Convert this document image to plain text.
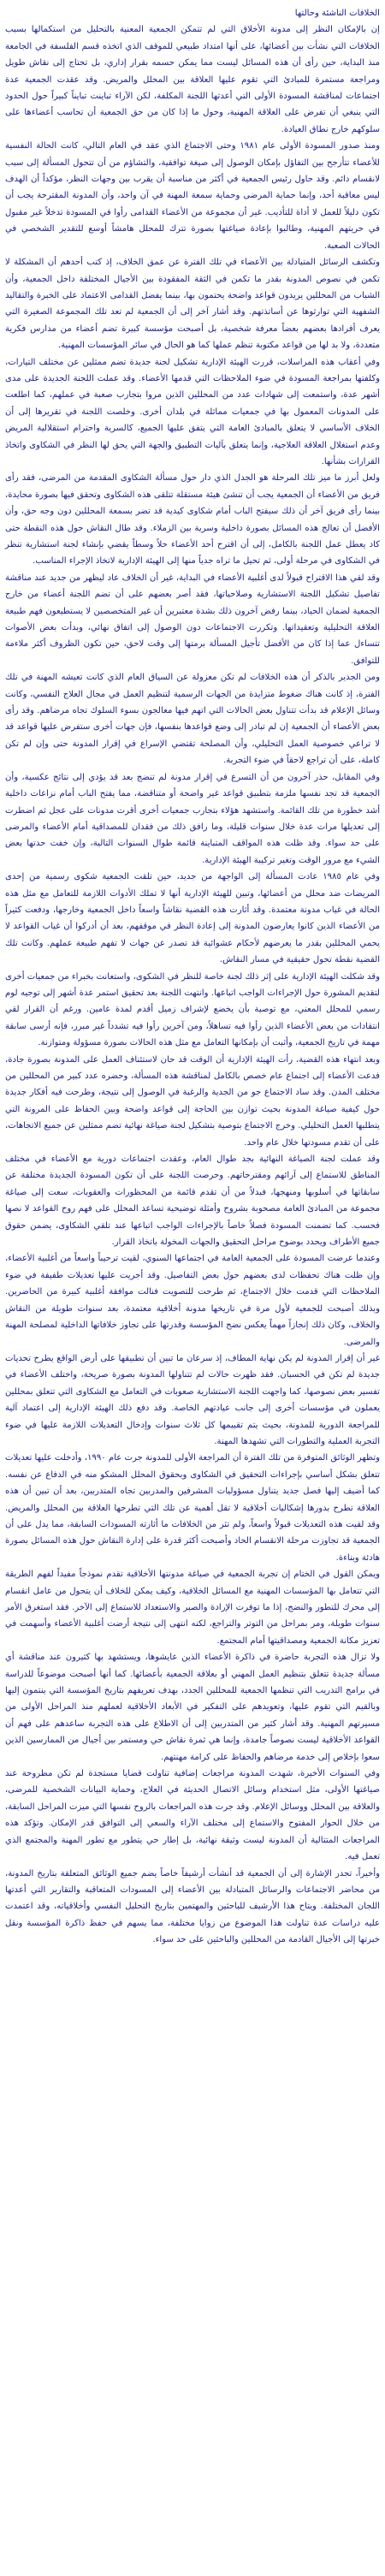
الخلافات الناشئة وحالتها

إن بالإمكان النظر إلى مدونة الأخلاق التي لم تتمكن الجمعية المعنية بالتحليل من استكمالها بسبب الخلافات التي نشأت بين أعضائها، على أنها امتداد طبيعي للموقف الذي اتخذه قسم الفلسفة في الجامعة منذ البداية، حين رأى أن هذه المسائل ليست مما يمكن حسمه بقرار إداري، بل تحتاج إلى نقاش طويل ومراجعة مستمرة للمبادئ التي تقوم عليها العلاقة بين المحلل والمريض. وقد عقدت الجمعية عدة اجتماعات لمناقشة المسودة الأولى التي أعدتها اللجنة المكلفة، لكن الآراء تباينت تبايناً كبيراً حول الحدود التي ينبغي أن تفرض على العلاقة المهنية، وحول ما إذا كان من حق الجمعية أن تحاسب أعضاءها على سلوكهم خارج نطاق العيادة.

ومنذ صدور المسودة الأولى عام ١٩٨١ وحتى الاجتماع الذي عقد في العام التالي، كانت الحالة النفسية للأعضاء تتأرجح بين التفاؤل بإمكان الوصول إلى صيغة توافقية، والتشاؤم من أن تتحول المسألة إلى سبب لانقسام دائم. وقد حاول رئيس الجمعية في أكثر من مناسبة أن يقرب بين وجهات النظر، مؤكداً أن الهدف ليس معاقبة أحد، وإنما حماية المرضى وحماية سمعة المهنة في آن واحد، وأن المدونة المقترحة يجب أن تكون دليلاً للعمل لا أداة للتأديب. غير أن مجموعة من الأعضاء القدامى رأوا في المسودة تدخلاً غير مقبول في حريتهم المهنية، وطالبوا بإعادة صياغتها بصورة تترك للمحلل هامشاً أوسع للتقدير الشخصي في الحالات الصعبة.

وتكشف الرسائل المتبادلة بين الأعضاء في تلك الفترة عن عمق الخلاف، إذ كتب أحدهم أن المشكلة لا تكمن في نصوص المدونة بقدر ما تكمن في الثقة المفقودة بين الأجيال المختلفة داخل الجمعية، وأن الشباب من المحللين يريدون قواعد واضحة يحتمون بها، بينما يفضل القدامى الاعتماد على الخبرة والتقاليد الشفهية التي توارثوها عن أساتذتهم. وقد أشار آخر إلى أن الجمعية لم تعد تلك المجموعة الصغيرة التي يعرف أفرادها بعضهم بعضاً معرفة شخصية، بل أصبحت مؤسسة كبيرة تضم أعضاء من مدارس فكرية متعددة، ولا بد لها من قواعد مكتوبة تنظم عملها كما هو الحال في سائر المؤسسات المهنية.

وفي أعقاب هذه المراسلات، قررت الهيئة الإدارية تشكيل لجنة جديدة تضم ممثلين عن مختلف التيارات، وكلفتها بمراجعة المسودة في ضوء الملاحظات التي قدمها الأعضاء. وقد عملت اللجنة الجديدة على مدى أشهر عدة، واستمعت إلى شهادات عدد من المحللين الذين مروا بتجارب صعبة في عملهم، كما اطلعت على المدونات المعمول بها في جمعيات مماثلة في بلدان أخرى. وخلصت اللجنة في تقريرها إلى أن الخلاف الأساسي لا يتعلق بالمبادئ العامة التي يتفق عليها الجميع، كالسرية واحترام استقلالية المريض وعدم استغلال العلاقة العلاجية، وإنما يتعلق بآليات التطبيق والجهة التي يحق لها النظر في الشكاوى واتخاذ القرارات بشأنها.

ولعل أبرز ما ميز تلك المرحلة هو الجدل الذي دار حول مسألة الشكاوى المقدمة من المرضى، فقد رأى فريق من الأعضاء أن الجمعية يجب أن تنشئ هيئة مستقلة تتلقى هذه الشكاوى وتحقق فيها بصورة محايدة، بينما رأى فريق آخر أن ذلك سيفتح الباب أمام شكاوى كيدية قد تضر بسمعة المحللين دون وجه حق، وأن الأفضل أن تعالج هذه المسائل بصورة داخلية وسرية بين الزملاء. وقد طال النقاش حول هذه النقطة حتى كاد يعطل عمل اللجنة بالكامل، إلى أن اقترح أحد الأعضاء حلاً وسطاً يقضي بإنشاء لجنة استشارية تنظر في الشكاوى في مرحلة أولى، ثم تحيل ما تراه جدياً منها إلى الهيئة الإدارية لاتخاذ الإجراء المناسب.

وقد لقي هذا الاقتراح قبولاً لدى أغلبية الأعضاء في البداية، غير أن الخلاف عاد ليظهر من جديد عند مناقشة تفاصيل تشكيل اللجنة الاستشارية وصلاحياتها، فقد أصر بعضهم على أن تضم اللجنة أعضاء من خارج الجمعية لضمان الحياد، بينما رفض آخرون ذلك بشدة معتبرين أن غير المتخصصين لا يستطيعون فهم طبيعة العلاقة التحليلية وتعقيداتها. وتكررت الاجتماعات دون الوصول إلى اتفاق نهائي، وبدأت بعض الأصوات تتساءل عما إذا كان من الأفضل تأجيل المسألة برمتها إلى وقت لاحق، حين تكون الظروف أكثر ملاءمة للتوافق.

ومن الجدير بالذكر أن هذه الخلافات لم تكن معزولة عن السياق العام الذي كانت تعيشه المهنة في تلك الفترة، إذ كانت هناك ضغوط متزايدة من الجهات الرسمية لتنظيم العمل في مجال العلاج النفسي، وكانت وسائل الإعلام قد بدأت تتناول بعض الحالات التي اتهم فيها معالجون بسوء السلوك تجاه مرضاهم. وقد رأى بعض الأعضاء أن الجمعية إن لم تبادر إلى وضع قواعدها بنفسها، فإن جهات أخرى ستفرض عليها قواعد قد لا تراعي خصوصية العمل التحليلي، وأن المصلحة تقتضي الإسراع في إقرار المدونة حتى وإن لم تكن كاملة، على أن تراجع لاحقاً في ضوء التجربة.

وفي المقابل، حذر آخرون من أن التسرع في إقرار مدونة لم تنضج بعد قد يؤدي إلى نتائج عكسية، وأن الجمعية قد تجد نفسها ملزمة بتطبيق قواعد غير واضحة أو متناقضة، مما يفتح الباب أمام نزاعات داخلية أشد خطورة من تلك القائمة. واستشهد هؤلاء بتجارب جمعيات أخرى أقرت مدونات على عجل ثم اضطرت إلى تعديلها مرات عدة خلال سنوات قليلة، وما رافق ذلك من فقدان للمصداقية أمام الأعضاء والمرضى على حد سواء. وقد ظلت هذه المواقف المتباينة قائمة طوال السنوات التالية، وإن خفت حدتها بعض الشيء مع مرور الوقت وتغير تركيبة الهيئة الإدارية.

وفي عام ١٩٨٥ عادت المسألة إلى الواجهة من جديد، حين تلقت الجمعية شكوى رسمية من إحدى المريضات ضد محلل من أعضائها، وتبين للهيئة الإدارية أنها لا تملك الأدوات اللازمة للتعامل مع مثل هذه الحالة في غياب مدونة معتمدة. وقد أثارت هذه القضية نقاشاً واسعاً داخل الجمعية وخارجها، ودفعت كثيراً من الأعضاء الذين كانوا يعارضون المدونة إلى إعادة النظر في موقفهم، بعد أن أدركوا أن غياب القواعد لا يحمي المحللين بقدر ما يعرضهم لأحكام عشوائية قد تصدر عن جهات لا تفهم طبيعة عملهم. وكانت تلك القضية نقطة تحول حقيقية في مسار النقاش.

وقد شكلت الهيئة الإدارية على إثر ذلك لجنة خاصة للنظر في الشكوى، واستعانت بخبراء من جمعيات أخرى لتقديم المشورة حول الإجراءات الواجب اتباعها. وانتهت اللجنة بعد تحقيق استمر عدة أشهر إلى توجيه لوم رسمي للمحلل المعني، مع توصية بأن يخضع لإشراف زميل أقدم لمدة عامين. ورغم أن القرار لقي انتقادات من بعض الأعضاء الذين رأوا فيه تساهلاً، ومن آخرين رأوا فيه تشدداً غير مبرر، فإنه أرسى سابقة مهمة في تاريخ الجمعية، وأثبت أن بإمكانها التعامل مع مثل هذه الحالات بصورة مسؤولة ومتوازنة.

وبعد انتهاء هذه القضية، رأت الهيئة الإدارية أن الوقت قد حان لاستئناف العمل على المدونة بصورة جادة، فدعت الأعضاء إلى اجتماع عام خصص بالكامل لمناقشة هذه المسألة، وحضره عدد كبير من المحللين من مختلف المدن. وقد ساد الاجتماع جو من الجدية والرغبة في الوصول إلى نتيجة، وطرحت فيه أفكار جديدة حول كيفية صياغة المدونة بحيث توازن بين الحاجة إلى قواعد واضحة وبين الحفاظ على المرونة التي يتطلبها العمل التحليلي. وخرج الاجتماع بتوصية بتشكيل لجنة صياغة نهائية تضم ممثلين عن جميع الاتجاهات، على أن تقدم مسودتها خلال عام واحد.

وقد عملت لجنة الصياغة النهائية بجد طوال العام، وعقدت اجتماعات دورية مع الأعضاء في مختلف المناطق للاستماع إلى آرائهم ومقترحاتهم. وحرصت اللجنة على أن تكون المسودة الجديدة مختلفة عن سابقاتها في أسلوبها ومنهجها، فبدلاً من أن تقدم قائمة من المحظورات والعقوبات، سعت إلى صياغة مجموعة من المبادئ العامة مصحوبة بشروح وأمثلة توضيحية تساعد المحلل على فهم روح القواعد لا نصها فحسب. كما تضمنت المسودة فصلاً خاصاً بالإجراءات الواجب اتباعها عند تلقي الشكاوى، يضمن حقوق جميع الأطراف ويحدد بوضوح مراحل التحقيق والجهات المخولة باتخاذ القرار.

وعندما عرضت المسودة على الجمعية العامة في اجتماعها السنوي، لقيت ترحيباً واسعاً من أغلبية الأعضاء، وإن ظلت هناك تحفظات لدى بعضهم حول بعض التفاصيل. وقد أجريت عليها تعديلات طفيفة في ضوء الملاحظات التي قدمت خلال الاجتماع، ثم طرحت للتصويت فنالت موافقة أغلبية كبيرة من الحاضرين. وبذلك أصبحت للجمعية لأول مرة في تاريخها مدونة أخلاقية معتمدة، بعد سنوات طويلة من النقاش والخلاف، وكان ذلك إنجازاً مهماً يعكس نضج المؤسسة وقدرتها على تجاوز خلافاتها الداخلية لمصلحة المهنة والمرضى.

غير أن إقرار المدونة لم يكن نهاية المطاف، إذ سرعان ما تبين أن تطبيقها على أرض الواقع يطرح تحديات جديدة لم تكن في الحسبان. فقد ظهرت حالات لم تتناولها المدونة بصورة صريحة، واختلف الأعضاء في تفسير بعض نصوصها، كما واجهت اللجنة الاستشارية صعوبات في التعامل مع الشكاوى التي تتعلق بمحللين يعملون في مؤسسات أخرى إلى جانب عيادتهم الخاصة. وقد دفع ذلك الهيئة الإدارية إلى اعتماد آلية للمراجعة الدورية للمدونة، بحيث يتم تقييمها كل ثلاث سنوات وإدخال التعديلات اللازمة عليها في ضوء التجربة العملية والتطورات التي تشهدها المهنة.

وتظهر الوثائق المتوفرة من تلك الفترة أن المراجعة الأولى للمدونة جرت عام ١٩٩٠، وأدخلت عليها تعديلات تتعلق بشكل أساسي بإجراءات التحقيق في الشكاوى وبحقوق المحلل المشكو منه في الدفاع عن نفسه. كما أضيف إليها فصل جديد يتناول مسؤوليات المشرفين والمدربين تجاه المتدربين، بعد أن تبين أن هذه العلاقة تطرح بدورها إشكاليات أخلاقية لا تقل أهمية عن تلك التي تطرحها العلاقة بين المحلل والمريض. وقد لقيت هذه التعديلات قبولاً واسعاً، ولم تثر من الخلافات ما أثارته المسودات السابقة، مما يدل على أن الجمعية قد تجاوزت مرحلة الانقسام الحاد وأصبحت أكثر قدرة على إدارة النقاش حول هذه المسائل بصورة هادئة وبناءة.

ويمكن القول في الختام إن تجربة الجمعية في صياغة مدونتها الأخلاقية تقدم نموذجاً مفيداً لفهم الطريقة التي تتعامل بها المؤسسات المهنية مع المسائل الخلافية، وكيف يمكن للخلاف أن يتحول من عامل انقسام إلى محرك للتطور والنضج، إذا ما توفرت الإرادة والصبر والاستعداد للاستماع إلى الآخر. فقد استغرق الأمر سنوات طويلة، ومر بمراحل من التوتر والتراجع، لكنه انتهى إلى نتيجة أرضت أغلبية الأعضاء وأسهمت في تعزيز مكانة الجمعية ومصداقيتها أمام المجتمع.

ولا تزال هذه التجربة حاضرة في ذاكرة الأعضاء الذين عايشوها، ويستشهد بها كثيرون عند مناقشة أي مسألة جديدة تتعلق بتنظيم العمل المهني أو بعلاقة الجمعية بأعضائها. كما أنها أصبحت موضوعاً للدراسة في برامج التدريب التي تنظمها الجمعية للمحللين الجدد، بهدف تعريفهم بتاريخ المؤسسة التي ينتمون إليها وبالقيم التي تقوم عليها، وتعويدهم على التفكير في الأبعاد الأخلاقية لعملهم منذ المراحل الأولى من مسيرتهم المهنية. وقد أشار كثير من المتدربين إلى أن الاطلاع على هذه التجربة ساعدهم على فهم أن القواعد الأخلاقية ليست نصوصاً جامدة، وإنما هي ثمرة نقاش حي ومستمر بين أجيال من الممارسين الذين سعوا بإخلاص إلى خدمة مرضاهم والحفاظ على كرامة مهنتهم.

وفي السنوات الأخيرة، شهدت المدونة مراجعات إضافية تناولت قضايا مستجدة لم تكن مطروحة عند صياغتها الأولى، مثل استخدام وسائل الاتصال الحديثة في العلاج، وحماية البيانات الشخصية للمرضى، والعلاقة بين المحلل ووسائل الإعلام. وقد جرت هذه المراجعات بالروح نفسها التي ميزت المراحل السابقة، من خلال الحوار المفتوح والاستماع إلى مختلف الآراء والسعي إلى التوافق قدر الإمكان. وتؤكد هذه المراجعات المتتالية أن المدونة ليست وثيقة نهائية، بل إطار حي يتطور مع تطور المهنة والمجتمع الذي تعمل فيه.

وأخيراً، تجدر الإشارة إلى أن الجمعية قد أنشأت أرشيفاً خاصاً يضم جميع الوثائق المتعلقة بتاريخ المدونة، من محاضر الاجتماعات والرسائل المتبادلة بين الأعضاء إلى المسودات المتعاقبة والتقارير التي أعدتها اللجان المختلفة. ويتاح هذا الأرشيف للباحثين والمهتمين بتاريخ التحليل النفسي وأخلاقياته، وقد اعتمدت عليه دراسات عدة تناولت هذا الموضوع من زوايا مختلفة، مما يسهم في حفظ ذاكرة المؤسسة ونقل خبرتها إلى الأجيال القادمة من المحللين والباحثين على حد سواء.
